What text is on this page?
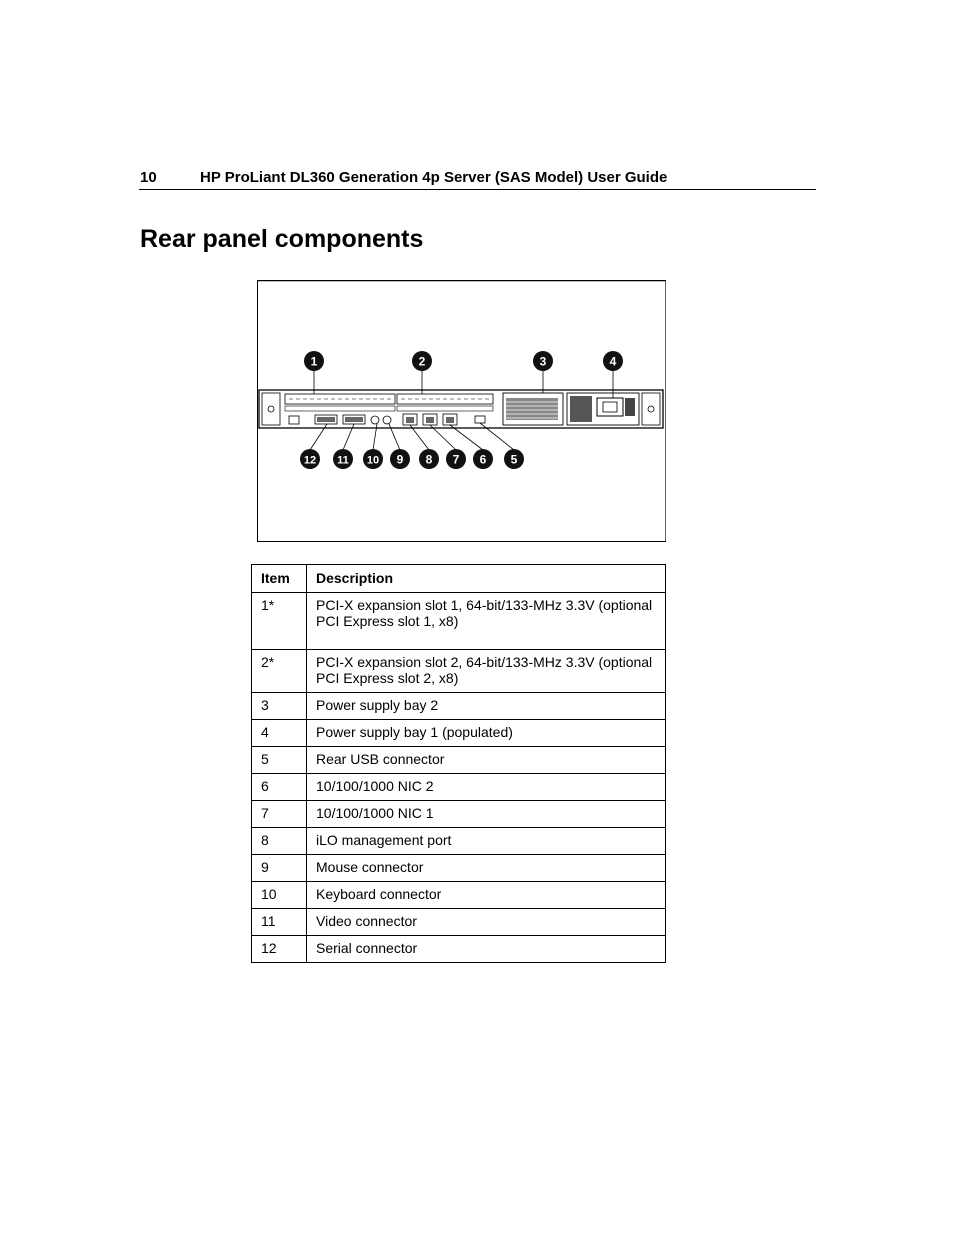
10	HP ProLiant DL360 Generation 4p Server (SAS Model) User Guide
Rear panel components
1	2	3	4
12 11 10 9 8 7 6 5
Item	Description
1*	PCI-X expansion slot 1, 64-bit/133-MHz 3.3V (optional PCI Express slot 1, x8)
2*	PCI-X expansion slot 2, 64-bit/133-MHz 3.3V (optional PCI Express slot 2, x8)
3	Power supply bay 2
4	Power supply bay 1 (populated)
5	Rear USB connector
6	10/100/1000 NIC 2
7	10/100/1000 NIC 1
8	iLO management port
9	Mouse connector
10	Keyboard connector
11	Video connector
12	Serial connector
